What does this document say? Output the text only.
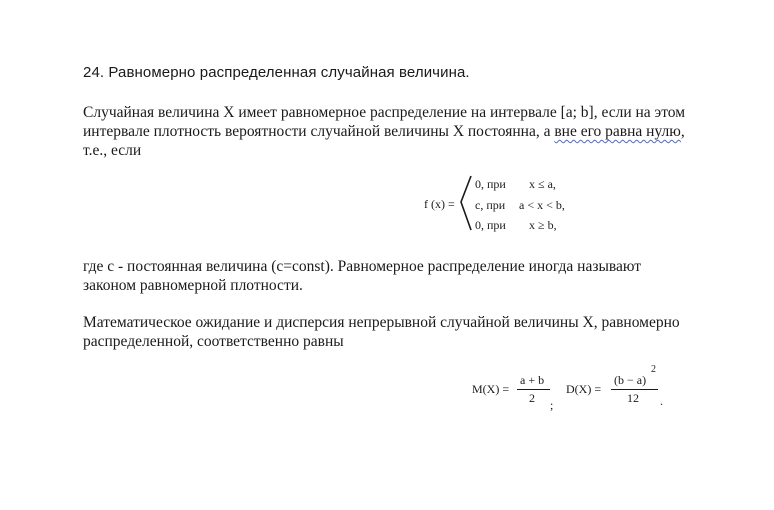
24. Равномерно распределенная случайная величина.

Случайная величина X имеет равномерное распределение на интервале [a; b], если на этом
интервале плотность вероятности случайной величины X постоянна, а вне его равна нулю,
т.е., если

f (x) =
0, при x ≤ a,
c, при a < x < b,
0, при x ≥ b,

где с - постоянная величина (c=const). Равномерное распределение иногда называют
законом равномерной плотности.

Математическое ожидание и дисперсия непрерывной случайной величины X, равномерно
распределенной, соответственно равны

M(X) =
a + b
2 ;
D(X) =
(b − a)
2
12 .
